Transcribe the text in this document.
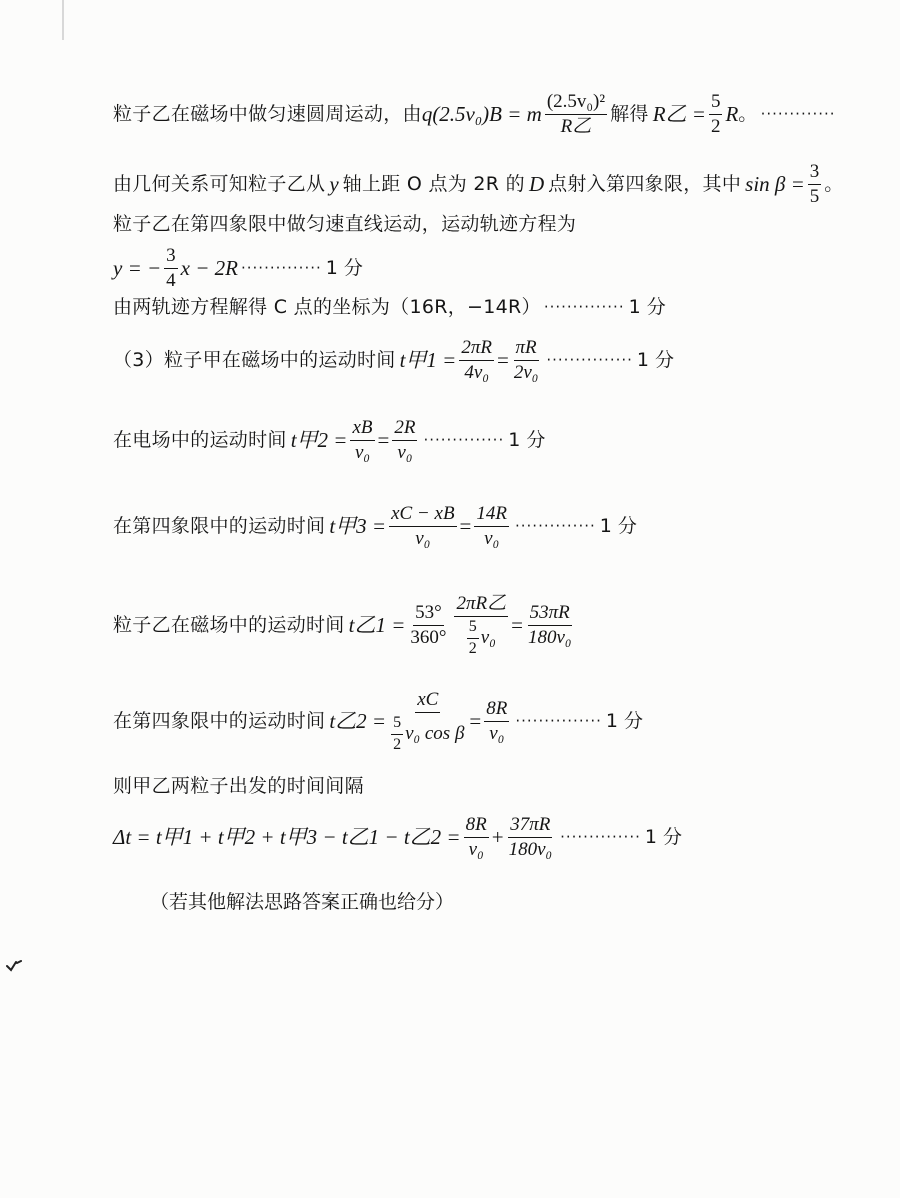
粒子乙在磁场中做匀速圆周运动，由 q(2.5v₀)B = m $\frac{\text{(2.5v₀)²}}{\text{R乙}}$ 解得 R乙 = $\frac{5}{2}$ R 。 ·············
由几何关系可知粒子乙从 y 轴上距 O 点为 2R 的 D 点射入第四象限，其中 $\sin \beta = \frac{3}{5}$ 。
粒子乙在第四象限中做匀速直线运动，运动轨迹方程为
y = − $\frac{3}{4}$ x − 2R ·············· 1 分
由两轨迹方程解得 C 点的坐标为（16R，−14R） ·············· 1 分
（3）粒子甲在磁场中的运动时间 t甲$1 = \frac{2\pi R}{\text{4v₀}} = \frac{\pi R}{\text{2v₀}}$ ··············· 1 分
在电场中的运动时间 t甲$2 = \frac{xB}{\text{v₀}} = \frac{2R}{\text{v₀}}$ ·············· 1 分
在第四象限中的运动时间 t甲$3 = \frac{xC - xB}{\text{v₀}} = \frac{14R}{\text{v₀}}$ ·············· 1 分
粒子乙在磁场中的运动时间 t乙$1 = \frac{53^\circ}{360^\circ} \frac{\text{2πR乙}}{\frac{5}{2} v_0} = \frac{53\pi R}{\text{180v₀}}$
在第四象限中的运动时间 t乙$2 = \frac{xC}{\frac{5}{2} v_0 \cos \beta} = \frac{8R}{\text{v₀}}$ ··············· 1 分
则甲乙两粒子出发的时间间隔
Δt = t甲1 + t甲2 + t甲3 − t乙1 − t乙$2 = \frac{8R}{\text{v₀}} + \frac{37\pi R}{\text{180v₀}}$ ·············· 1 分
（若其他解法思路答案正确也给分）
